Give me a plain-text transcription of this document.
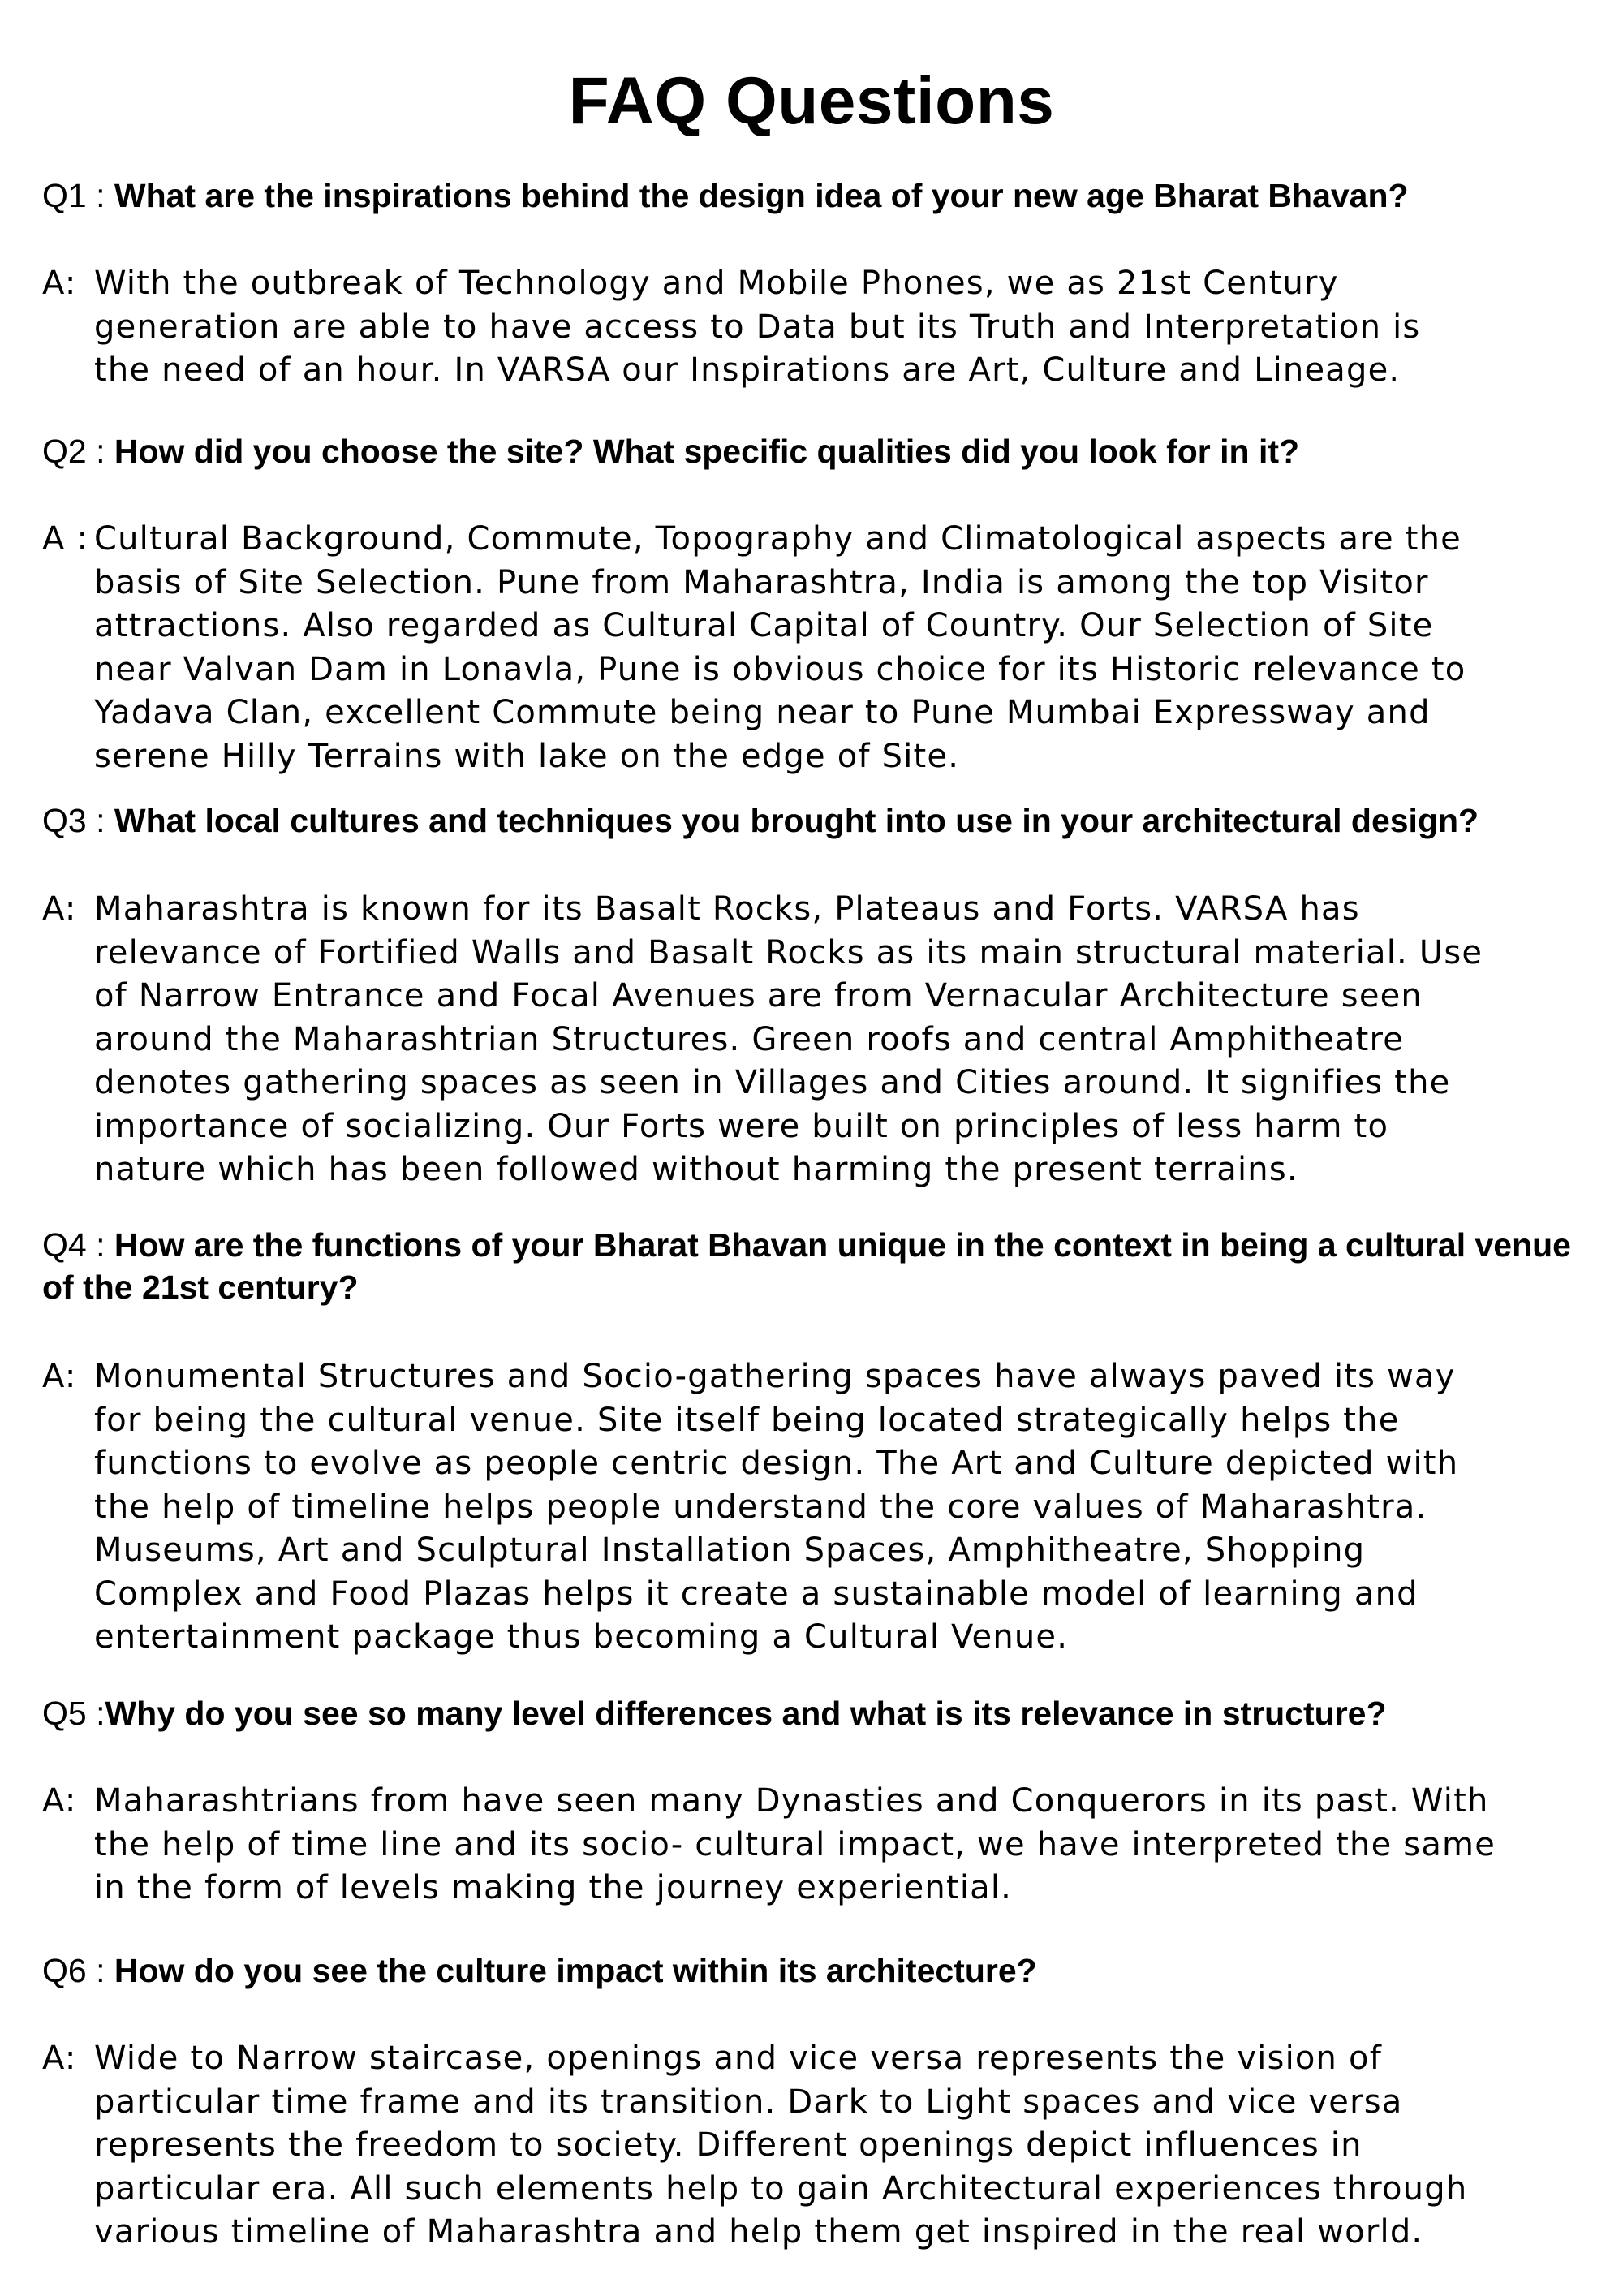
FAQ Questions
Q1 : What are the inspirations behind the design idea of your new age Bharat Bhavan?
A: With the outbreak of Technology and Mobile Phones, we as 21st Century
generation are able to have access to Data but its Truth and Interpretation is
the need of an hour. In VARSA our Inspirations are Art, Culture and Lineage.
Q2 : How did you choose the site? What specific qualities did you look for in it?
A : Cultural Background, Commute, Topography and Climatological aspects are the
basis of Site Selection. Pune from Maharashtra, India is among the top Visitor
attractions. Also regarded as Cultural Capital of Country. Our Selection of Site
near Valvan Dam in Lonavla, Pune is obvious choice for its Historic relevance to
Yadava Clan, excellent Commute being near to Pune Mumbai Expressway and
serene Hilly Terrains with lake on the edge of Site.
Q3 : What local cultures and techniques you brought into use in your architectural design?
A: Maharashtra is known for its Basalt Rocks, Plateaus and Forts. VARSA has
relevance of Fortified Walls and Basalt Rocks as its main structural material. Use
of Narrow Entrance and Focal Avenues are from Vernacular Architecture seen
around the Maharashtrian Structures. Green roofs and central Amphitheatre
denotes gathering spaces as seen in Villages and Cities around. It signifies the
importance of socializing. Our Forts were built on principles of less harm to
nature which has been followed without harming the present terrains.
Q4 : How are the functions of your Bharat Bhavan unique in the context in being a cultural venue of the 21st century?
A: Monumental Structures and Socio-gathering spaces have always paved its way
for being the cultural venue. Site itself being located strategically helps the
functions to evolve as people centric design. The Art and Culture depicted with
the help of timeline helps people understand the core values of Maharashtra.
Museums, Art and Sculptural Installation Spaces, Amphitheatre, Shopping
Complex and Food Plazas helps it create a sustainable model of learning and
entertainment package thus becoming a Cultural Venue.
Q5 :Why do you see so many level differences and what is its relevance in structure?
A: Maharashtrians from have seen many Dynasties and Conquerors in its past. With
the help of time line and its socio- cultural impact, we have interpreted the same
in the form of levels making the journey experiential.
Q6 : How do you see the culture impact within its architecture?
A: Wide to Narrow staircase, openings and vice versa represents the vision of
particular time frame and its transition. Dark to Light spaces and vice versa
represents the freedom to society. Different openings depict influences in
particular era. All such elements help to gain Architectural experiences through
various timeline of Maharashtra and help them get inspired in the real world.
